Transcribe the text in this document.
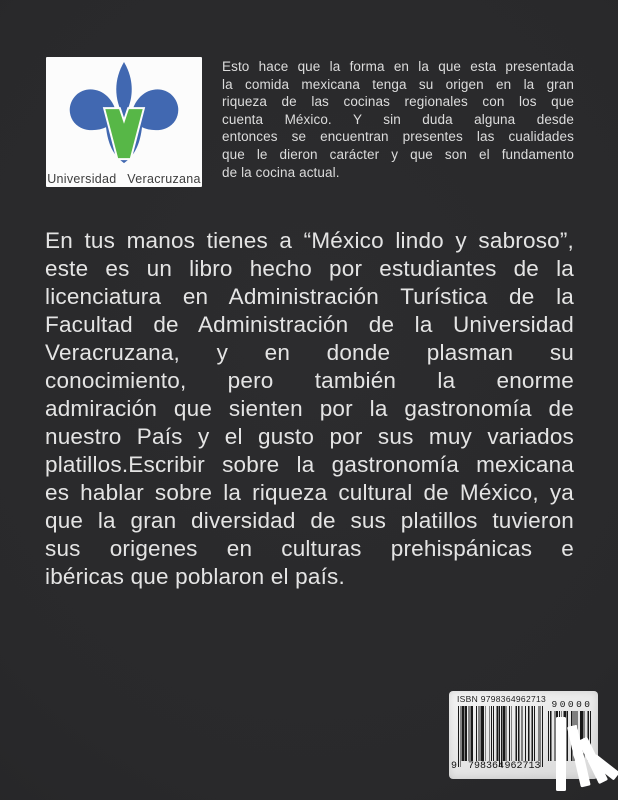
Universidad Veracruzana
Esto hace que la forma en la que esta presentada
la comida mexicana tenga su origen en la gran
riqueza de las cocinas regionales con los que
cuenta México. Y sin duda alguna desde
entonces se encuentran presentes las cualidades
que le dieron carácter y que son el fundamento
de la cocina actual.
En tus manos tienes a “México lindo y sabroso”,
este es un libro hecho por estudiantes de la
licenciatura en Administración Turística de la
Facultad de Administración de la Universidad
Veracruzana, y en donde plasman su
conocimiento, pero también la enorme
admiración que sienten por la gastronomía de
nuestro País y el gusto por sus muy variados
platillos.Escribir sobre la gastronomía mexicana
es hablar sobre la riqueza cultural de México, ya
que la gran diversidad de sus platillos tuvieron
sus origenes en culturas prehispánicas e
ibéricas que poblaron el país.
ISBN 9798364962713
9 798364 962713
90000
